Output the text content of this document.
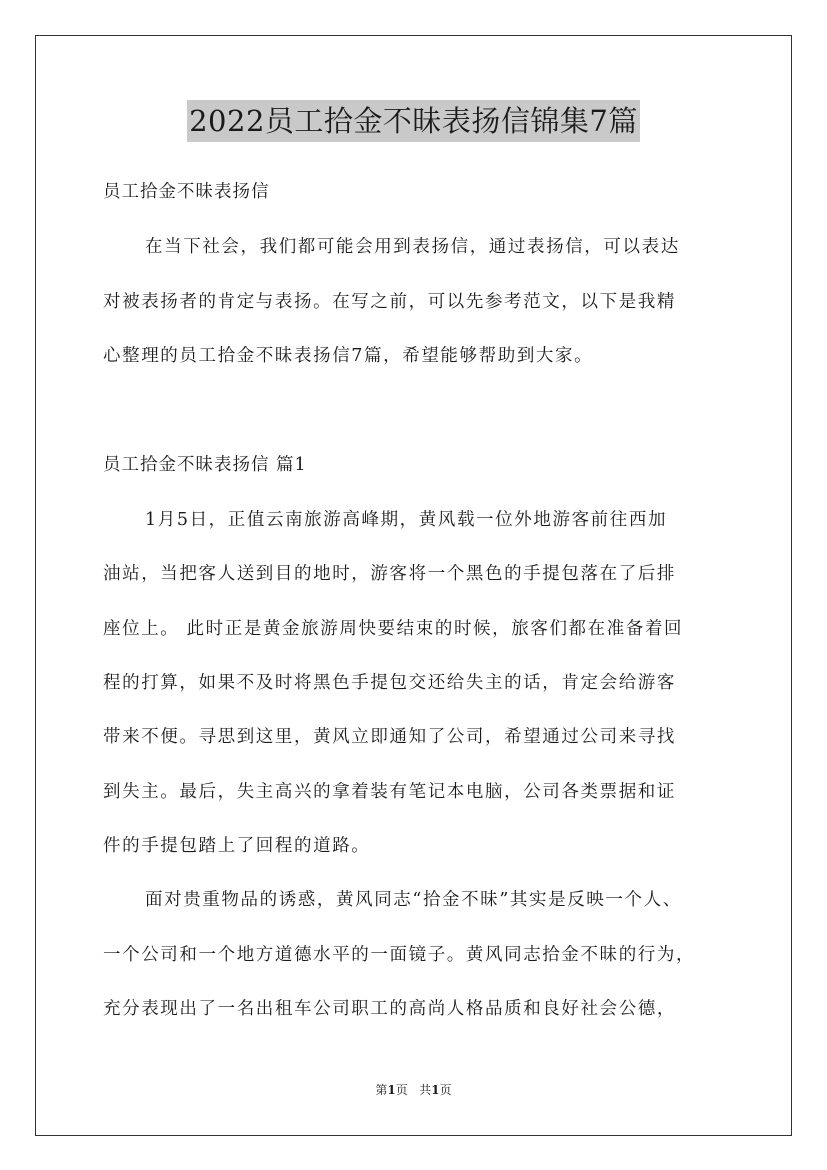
2022员工拾金不昧表扬信锦集7篇
员工拾金不昧表扬信
在当下社会，我们都可能会用到表扬信，通过表扬信，可以表达
对被表扬者的肯定与表扬。在写之前，可以先参考范文，以下是我精
心整理的员工拾金不昧表扬信7篇，希望能够帮助到大家。
员工拾金不昧表扬信 篇1
1月5日，正值云南旅游高峰期，黄风载一位外地游客前往西加
油站，当把客人送到目的地时，游客将一个黑色的手提包落在了后排
座位上。 此时正是黄金旅游周快要结束的时候，旅客们都在准备着回
程的打算，如果不及时将黑色手提包交还给失主的话，肯定会给游客
带来不便。寻思到这里，黄风立即通知了公司，希望通过公司来寻找
到失主。最后，失主高兴的拿着装有笔记本电脑，公司各类票据和证
件的手提包踏上了回程的道路。
面对贵重物品的诱惑，黄风同志“拾金不昧”其实是反映一个人、
一个公司和一个地方道德水平的一面镜子。黄风同志拾金不昧的行为，
充分表现出了一名出租车公司职工的高尚人格品质和良好社会公德，
第1页 共1页
